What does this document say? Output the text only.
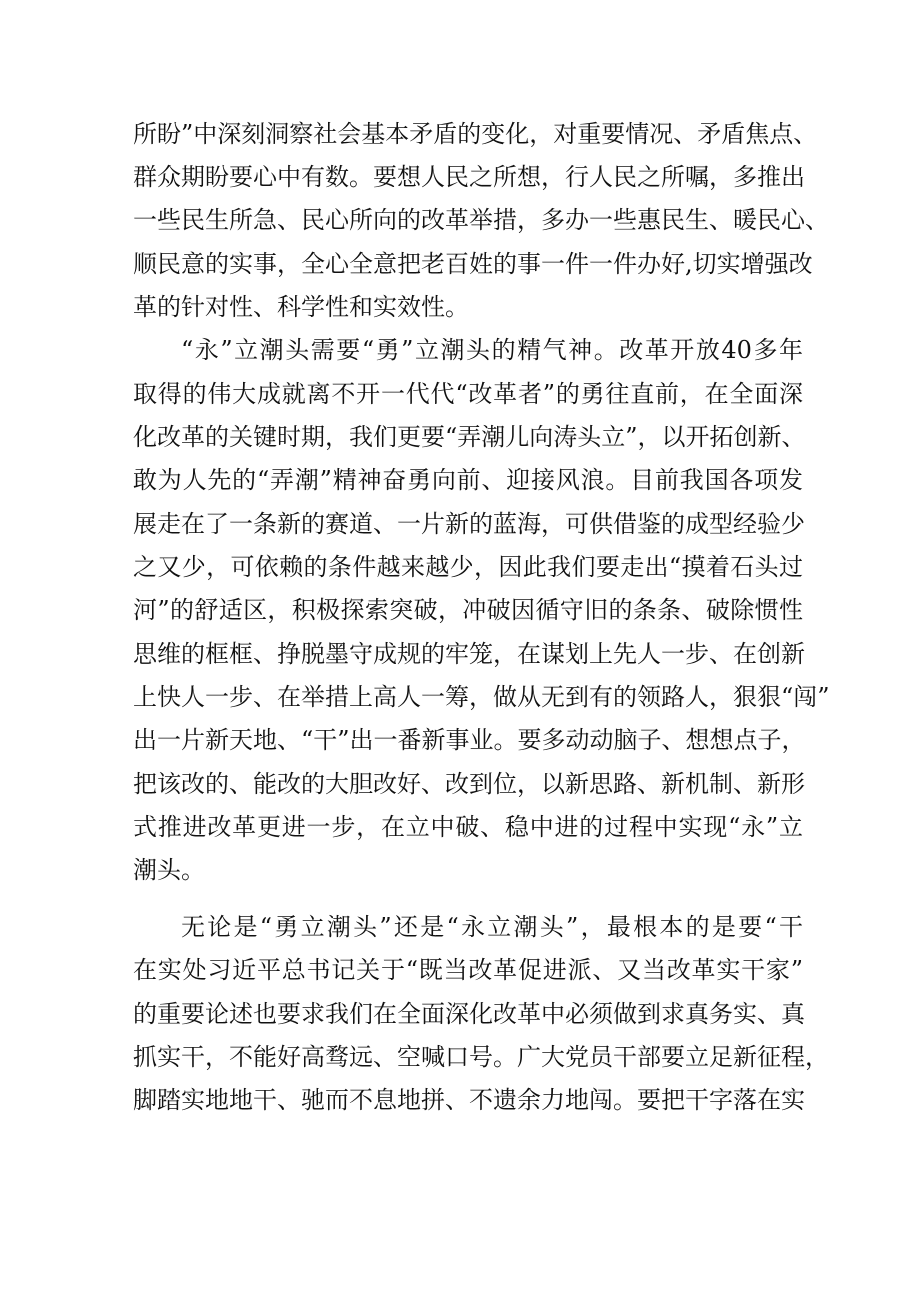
所盼”中深刻洞察社会基本矛盾的变化，对重要情况、矛盾焦点、
群众期盼要心中有数。要想人民之所想，行人民之所嘱，多推出
一些民生所急、民心所向的改革举措，多办一些惠民生、暖民心、
顺民意的实事，全心全意把老百姓的事一件一件办好,切实增强改
革的针对性、科学性和实效性。
“永”立潮头需要“勇”立潮头的精气神。改革开放40多年
取得的伟大成就离不开一代代“改革者”的勇往直前，在全面深
化改革的关键时期，我们更要“弄潮儿向涛头立”，以开拓创新、
敢为人先的“弄潮”精神奋勇向前、迎接风浪。目前我国各项发
展走在了一条新的赛道、一片新的蓝海，可供借鉴的成型经验少
之又少，可依赖的条件越来越少，因此我们要走出“摸着石头过
河”的舒适区，积极探索突破，冲破因循守旧的条条、破除惯性
思维的框框、挣脱墨守成规的牢笼，在谋划上先人一步、在创新
上快人一步、在举措上高人一筹，做从无到有的领路人，狠狠“闯”
出一片新天地、“干”出一番新事业。要多动动脑子、想想点子，
把该改的、能改的大胆改好、改到位，以新思路、新机制、新形
式推进改革更进一步，在立中破、稳中进的过程中实现“永”立
潮头。
无论是“勇立潮头”还是“永立潮头”，最根本的是要“干
在实处习近平总书记关于“既当改革促进派、又当改革实干家”
的重要论述也要求我们在全面深化改革中必须做到求真务实、真
抓实干，不能好高骛远、空喊口号。广大党员干部要立足新征程，
脚踏实地地干、驰而不息地拼、不遗余力地闯。要把干字落在实
